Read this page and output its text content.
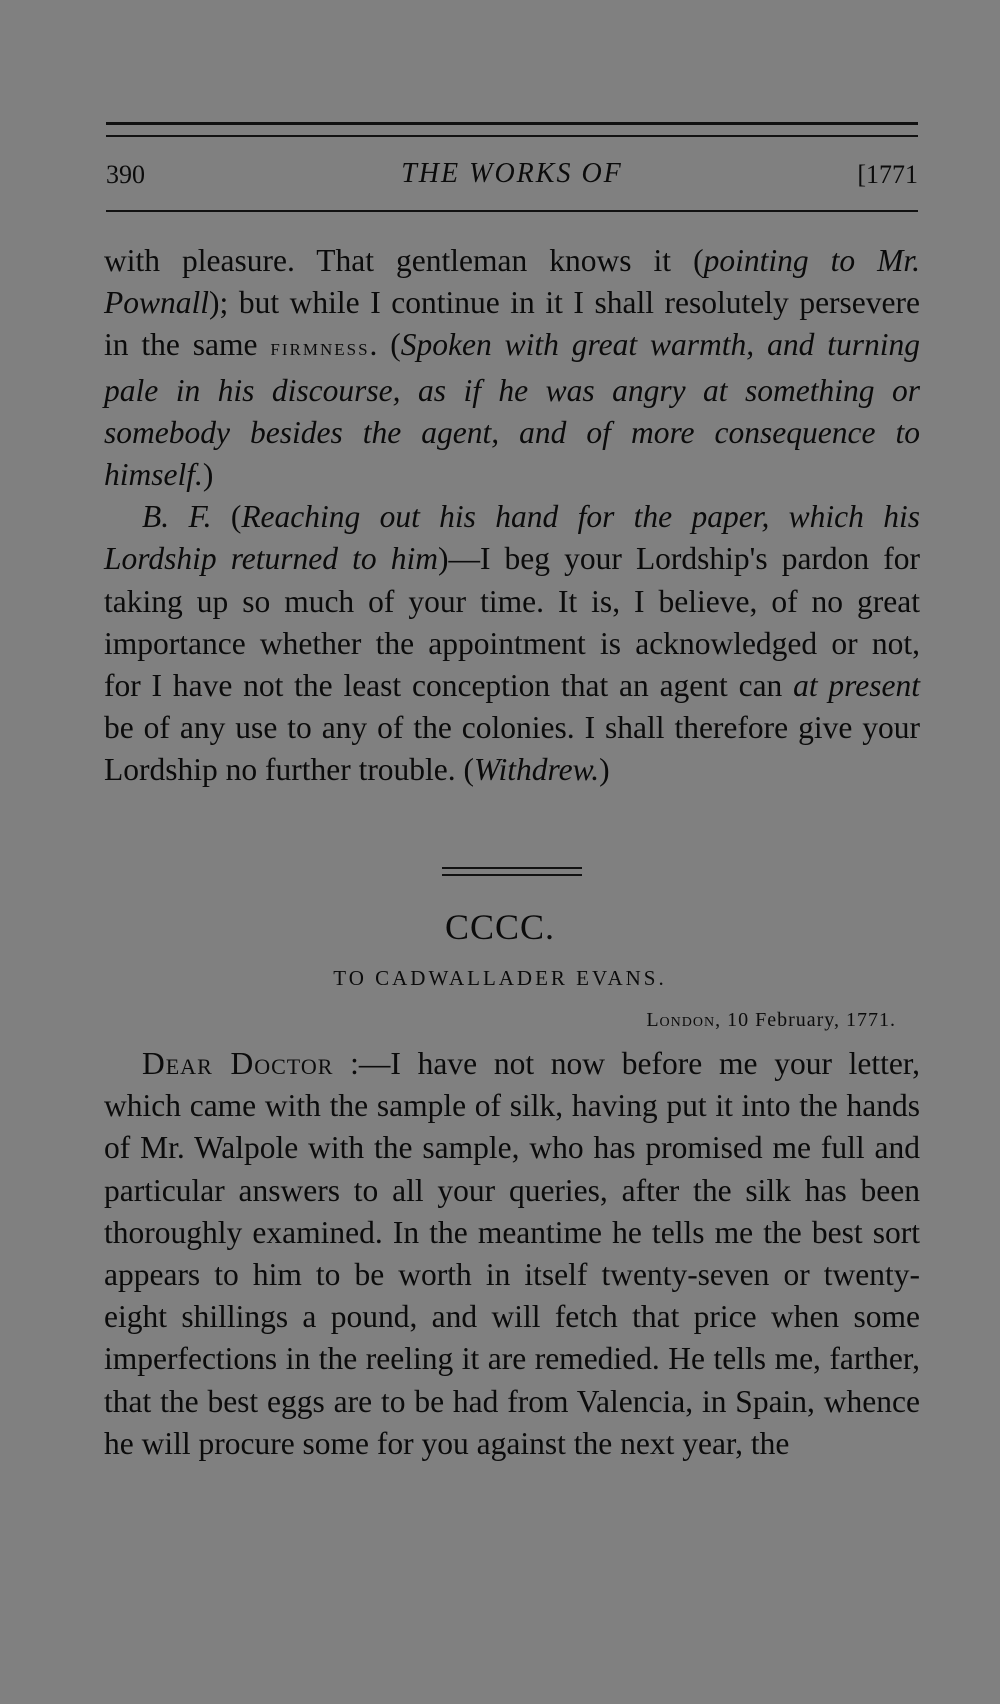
390	THE WORKS OF	[1771

with pleasure. That gentleman knows it (pointing to Mr. Pownall); but while I continue in it I shall resolutely persevere in the same firmness. (Spoken with great warmth, and turning pale in his discourse, as if he was angry at something or somebody besides the agent, and of more consequence to himself.)

B. F. (Reaching out his hand for the paper, which his Lordship returned to him)—I beg your Lordship's pardon for taking up so much of your time. It is, I believe, of no great importance whether the appointment is acknowledged or not, for I have not the least conception that an agent can at present be of any use to any of the colonies. I shall therefore give your Lordship no further trouble. (Withdrew.)

CCCC.
TO CADWALLADER EVANS.
London, 10 February, 1771.

Dear Doctor :—I have not now before me your letter, which came with the sample of silk, having put it into the hands of Mr. Walpole with the sample, who has promised me full and particular answers to all your queries, after the silk has been thoroughly examined. In the meantime he tells me the best sort appears to him to be worth in itself twenty-seven or twenty-eight shillings a pound, and will fetch that price when some imperfections in the reeling it are remedied. He tells me, farther, that the best eggs are to be had from Valencia, in Spain, whence he will procure some for you against the next year, the
